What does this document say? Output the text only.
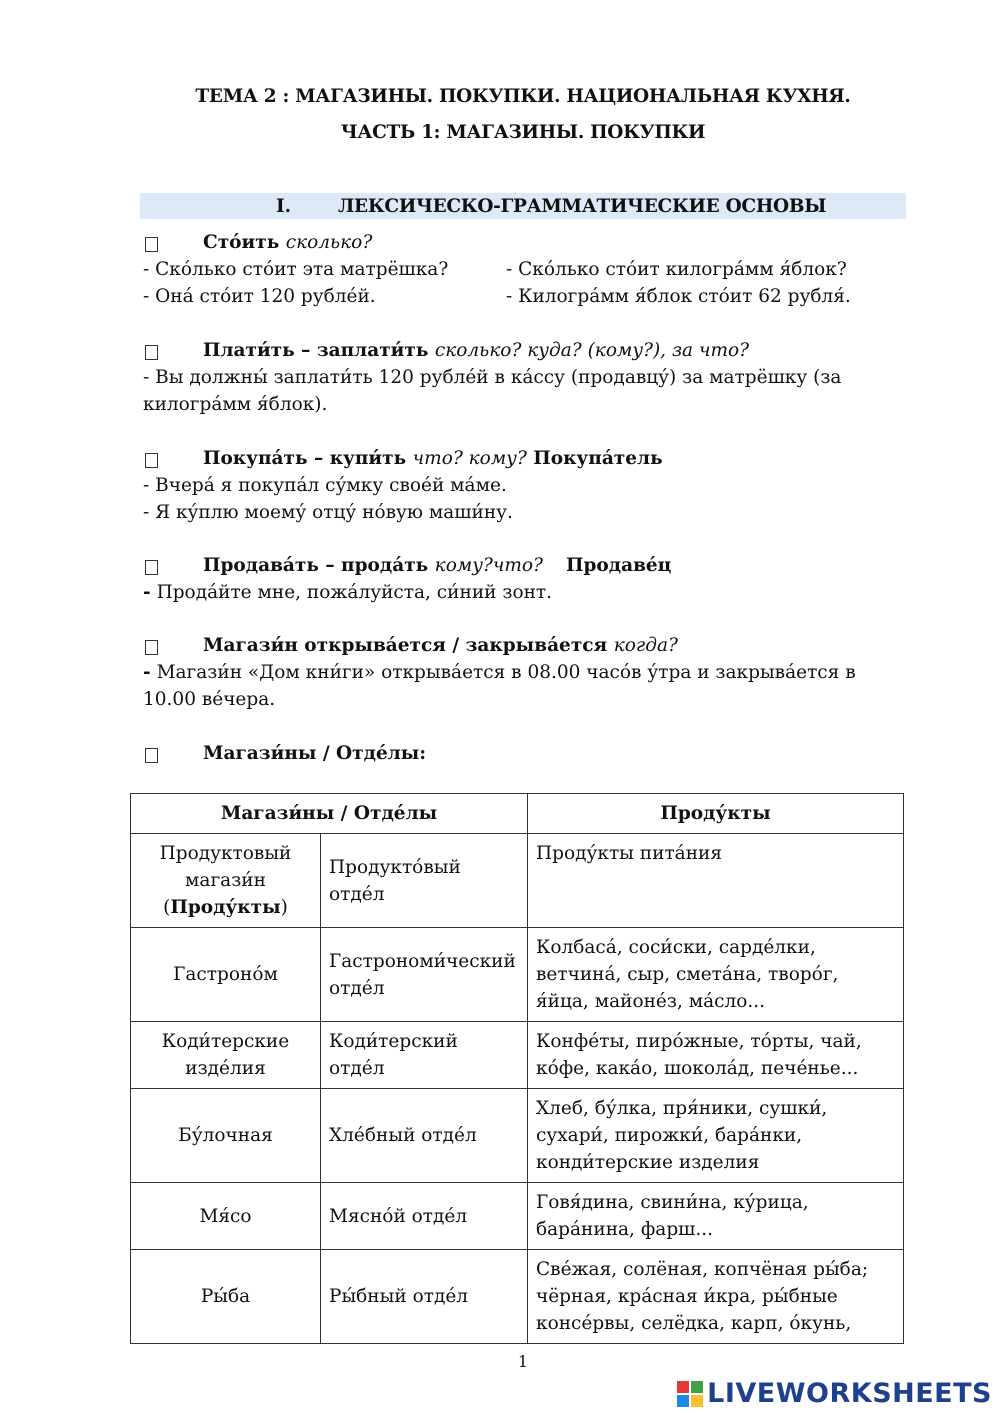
ТЕМА 2 : МАГАЗИНЫ. ПОКУПКИ. НАЦИОНАЛЬНАЯ КУХНЯ.
ЧАСТЬ 1: МАГАЗИНЫ. ПОКУПКИ
I.	ЛЕКСИЧЕСКО-ГРАММАТИЧЕСКИЕ ОСНОВЫ
Сто́ить сколько?
- Ско́лько сто́ит эта матрёшка?	- Ско́лько сто́ит килогра́мм я́блок?
- Она́ сто́ит 120 рубле́й.	- Килогра́мм я́блок сто́ит 62 рубля́.
Плати́ть – заплати́ть сколько? куда? (кому?), за что?
- Вы должны́ заплати́ть 120 рубле́й в ка́ссу (продавцу́) за матрёшку (за
килогра́мм я́блок).
Покупа́ть – купи́ть что? кому? Покупа́тель
- Вчера́ я покупа́л су́мку свое́й ма́ме.
- Я ку́плю моему́ отцу́ но́вую маши́ну.
Продава́ть – прода́ть кому?что? Продаве́ц
- Прода́йте мне, пожа́луйста, си́ний зонт.
Магази́н открыва́ется / закрыва́ется когда?
- Магази́н «Дом кни́ги» открыва́ется в 08.00 часо́в у́тра и закрыва́ется в
10.00 ве́чера.
Магази́ны / Отде́лы:
Магази́ны / Отде́лы		Проду́кты
Продуктовый магази́н
(Проду́кты)	Продукто́вый отде́л	Проду́кты пита́ния
Гастроно́м	Гастрономи́ческий отде́л	Колбаса́, соси́ски, сарде́лки, ветчина́, сыр, смета́на, творо́г, я́йца, майоне́з, ма́сло...
Коди́терские изде́лия	Коди́терский отде́л	Конфе́ты, пиро́жные, то́рты, чай, ко́фе, кака́о, шокола́д, пече́нье...
Бу́лочная	Хле́бный отде́л	Хлеб, бу́лка, пря́ники, сушки́, сухари́, пирожки́, бара́нки, конди́терские изделия
Мя́со	Мясно́й отде́л	Говя́дина, свини́на, ку́рица, бара́нина, фарш...
Ры́ба	Ры́бный отде́л	Све́жая, солёная, копчёная ры́ба; чёрная, кра́сная и́кра, ры́бные консе́рвы, селёдка, карп, о́кунь,
1
LIVEWORKSHEETS
